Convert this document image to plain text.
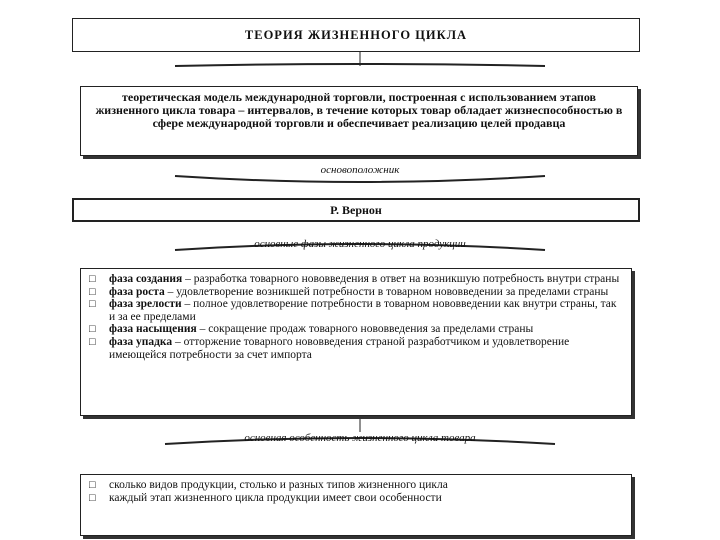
ТЕОРИЯ ЖИЗНЕННОГО ЦИКЛА
теоретическая модель международной торговли, построенная с использованием этапов жизненного цикла товара – интервалов, в течение которых товар обладает жизнеспособностью в сфере международной торговли и обеспечивает реализацию целей продавца
основоположник
Р. Вернон
основные фазы жизненного цикла продукции
□	фаза создания – разработка товарного нововведения в ответ на возникшую потребность внутри страны
□	фаза роста – удовлетворение возникшей потребности в товарном нововведении за пределами страны
□	фаза зрелости – полное удовлетворение потребности в товарном нововведении как внутри страны, так и за ее пределами
□	фаза насыщения – сокращение продаж товарного нововведения за пределами страны
□	фаза упадка – отторжение товарного нововведения страной разработчиком и удовлетворение имеющейся потребности за счет импорта
основная особенность жизненного цикла товара
□	сколько видов продукции, столько и разных типов жизненного цикла
□	каждый этап жизненного цикла продукции имеет свои особенности
